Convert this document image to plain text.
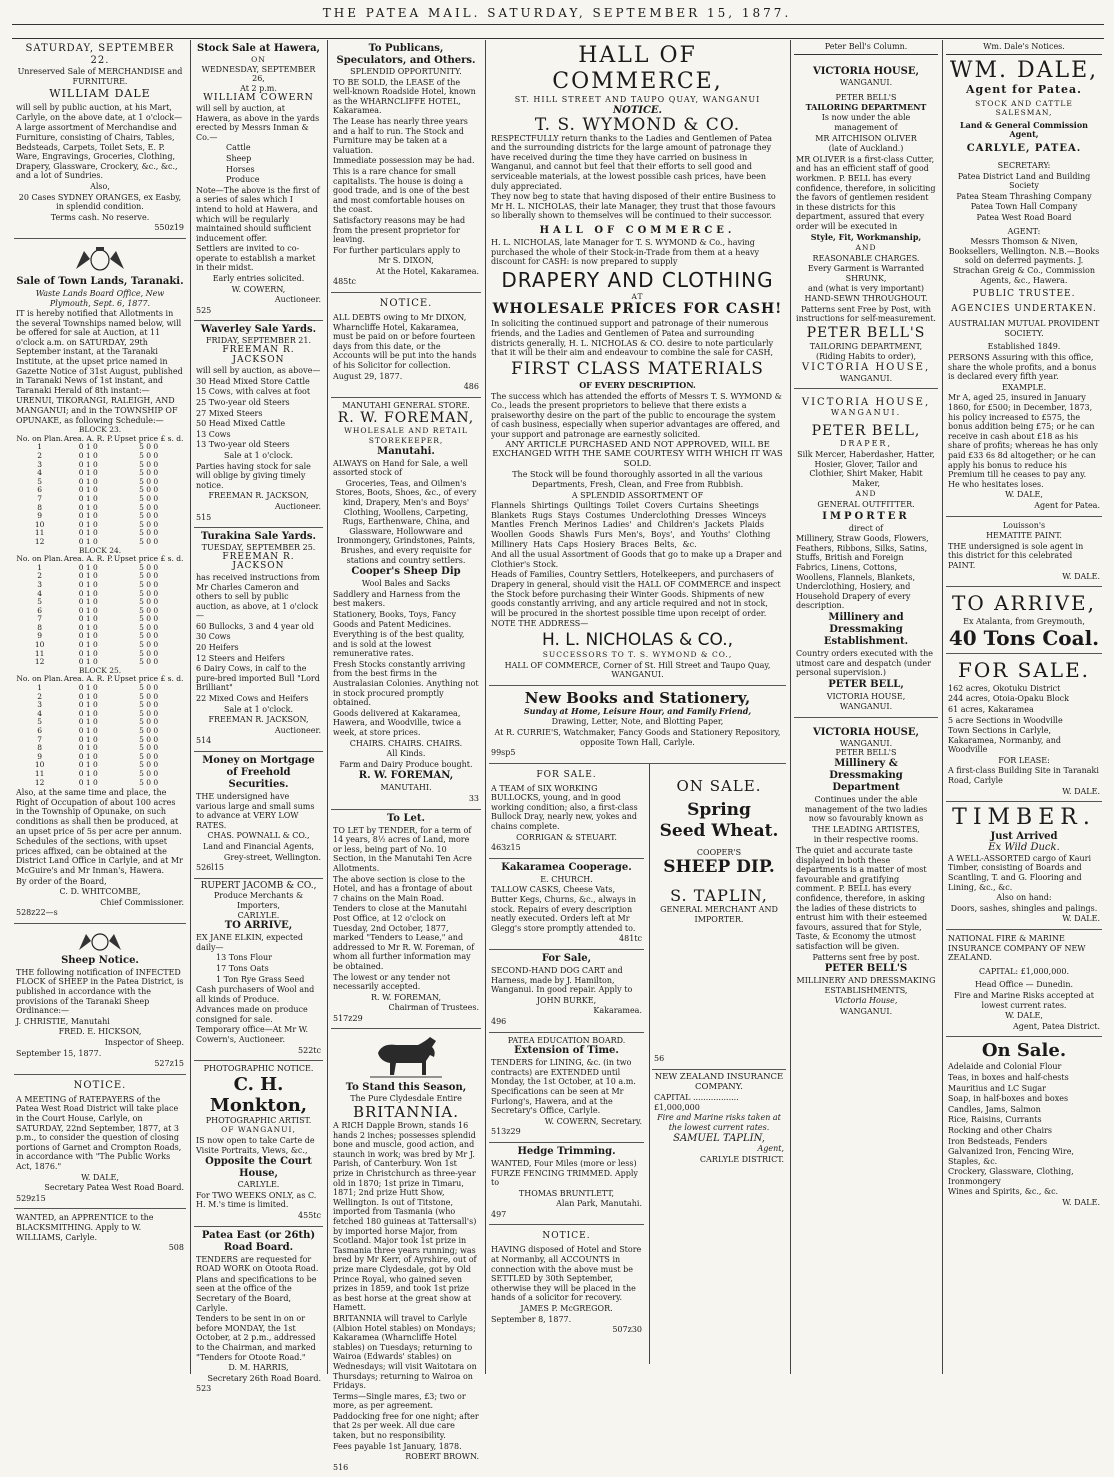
THE PATEA MAIL. SATURDAY, SEPTEMBER 15, 1877.
SATURDAY, SEPTEMBER 22.
Unreserved Sale of MERCHANDISE and FURNITURE.
WILLIAM DALE

will sell by public auction, at his Mart, Carlyle, on the above date, at 1 o'clock—

A large assortment of Merchandise and Furniture, consisting of Chairs, Tables, Bedsteads, Carpets, Toilet Sets, E. P. Ware, Engravings, Groceries, Clothing, Drapery, Glassware, Crockery, &c., &c., and a lot of Sundries.

Also,

20 Cases SYDNEY ORANGES, ex Easby, in splendid condition.

Terms cash. No reserve.

550z19

Sale of Town Lands, Taranaki.

Waste Lands Board Office, New Plymouth, Sept. 6, 1877.

IT is hereby notified that Allotments in the several Townships named below, will be offered for sale at Auction, at 11 o'clock a.m. on SATURDAY, 29th September instant, at the Taranaki Institute, at the upset price named in Gazette Notice of 31st August, published in Taranaki News of 1st instant, and Taranaki Herald of 8th instant:—

URENUI, TIKORANGI, RALEIGH, AND MANGANUI; and in the TOWNSHIP OF OPUNAKE, as following Schedule:—

BLOCK 23.		
No. on Plan.	Area. A. R. P.	Upset price £ s. d.
1	0 1 0	5 0 0
2	0 1 0	5 0 0
3	0 1 0	5 0 0
4	0 1 0	5 0 0
5	0 1 0	5 0 0
6	0 1 0	5 0 0
7	0 1 0	5 0 0
8	0 1 0	5 0 0
9	0 1 0	5 0 0
10	0 1 0	5 0 0
11	0 1 0	5 0 0
12	0 1 0	5 0 0
BLOCK 24.		
No. on Plan.	Area. A. R. P.	Upset price £ s. d.
1	0 1 0	5 0 0
2	0 1 0	5 0 0
3	0 1 0	5 0 0
4	0 1 0	5 0 0
5	0 1 0	5 0 0
6	0 1 0	5 0 0
7	0 1 0	5 0 0
8	0 1 0	5 0 0
9	0 1 0	5 0 0
10	0 1 0	5 0 0
11	0 1 0	5 0 0
12	0 1 0	5 0 0
BLOCK 25.		
No. on Plan.	Area. A. R. P.	Upset price £ s. d.
1	0 1 0	5 0 0
2	0 1 0	5 0 0
3	0 1 0	5 0 0
4	0 1 0	5 0 0
5	0 1 0	5 0 0
6	0 1 0	5 0 0
7	0 1 0	5 0 0
8	0 1 0	5 0 0
9	0 1 0	5 0 0
10	0 1 0	5 0 0
11	0 1 0	5 0 0
12	0 1 0	5 0 0

Also, at the same time and place, the Right of Occupation of about 100 acres in the Township of Opunake, on such conditions as shall then be produced, at an upset price of 5s per acre per annum.

Schedules of the sections, with upset prices affixed, can be obtained at the District Land Office in Carlyle, and at Mr McGuire's and Mr Inman's, Hawera.

By order of the Board,

C. D. WHITCOMBE,

Chief Commissioner.

528z22—s

Sheep Notice.

THE following notification of INFECTED FLOCK of SHEEP in the Patea District, is published in accordance with the provisions of the Taranaki Sheep Ordinance:—

J. CHRISTIE, Manutahi

FRED. E. HICKSON,

Inspector of Sheep.

September 15, 1877.

527z15

NOTICE.

A MEETING of RATEPAYERS of the Patea West Road District will take place in the Court House, Carlyle, on SATURDAY, 22nd September, 1877, at 3 p.m., to consider the question of closing portions of Garnet and Crompton Roads, in accordance with "The Public Works Act, 1876."

W. DALE,

Secretary Patea West Road Board.

529z15

WANTED, an APPRENTICE to the BLACKSMITHING. Apply to W. WILLIAMS, Carlyle.

508

Stock Sale at Hawera,
ON
WEDNESDAY, SEPTEMBER 26,
At 2 p.m.
WILLIAM COWERN

will sell by auction, at Hawera, as above in the yards erected by Messrs Inman & Co.—

Cattle

Sheep

Horses

Produce

Note—The above is the first of a series of sales which I intend to hold at Hawera, and which will be regularly maintained should sufficient inducement offer.

Settlers are invited to co-operate to establish a market in their midst.

Early entries solicited.

W. COWERN,

Auctioneer.

525

Waverley Sale Yards.
FRIDAY, SEPTEMBER 21.
FREEMAN R. JACKSON

will sell by auction, as above—

30 Head Mixed Store Cattle

15 Cows, with calves at foot

25 Two-year old Steers

27 Mixed Steers

50 Head Mixed Cattle

13 Cows

13 Two-year old Steers

Sale at 1 o'clock.

Parties having stock for sale will oblige by giving timely notice.

FREEMAN R. JACKSON,

Auctioneer.

515

Turakina Sale Yards.
TUESDAY, SEPTEMBER 25.
FREEMAN R. JACKSON

has received instructions from Mr Charles Cameron and others to sell by public auction, as above, at 1 o'clock—

60 Bullocks, 3 and 4 year old

30 Cows

20 Heifers

12 Steers and Heifers

6 Dairy Cows, in calf to the pure-bred imported Bull "Lord Brilliant"

22 Mixed Cows and Heifers

Sale at 1 o'clock.

FREEMAN R. JACKSON,

Auctioneer.

514

Money on Mortgage of Freehold Securities.

THE undersigned have various large and small sums to advance at VERY LOW RATES.

CHAS. POWNALL & CO.,

Land and Financial Agents,

Grey-street, Wellington.

526l15

RUPERT JACOMB & CO.,
Produce Merchants & Importers,
CARLYLE.
TO ARRIVE,

EX JANE ELKIN, expected daily—

13 Tons Flour

17 Tons Oats

1 Ton Rye Grass Seed

Cash purchasers of Wool and all kinds of Produce.

Advances made on produce consigned for sale.

Temporary office—At Mr W. Cowern's, Auctioneer.

522tc

PHOTOGRAPHIC NOTICE.
C. H. Monkton,
PHOTOGRAPHIC ARTIST.
OF WANGANUI,

IS now open to take Carte de Visite Portraits, Views, &c.,

Opposite the Court House,
CARLYLE.

For TWO WEEKS ONLY, as C. H. M.'s time is limited.

455tc

Patea East (or 26th) Road Board.

TENDERS are requested for ROAD WORK on Otoota Road.

Plans and specifications to be seen at the office of the Secretary of the Board, Carlyle.

Tenders to be sent in on or before MONDAY, the 1st October, at 2 p.m., addressed to the Chairman, and marked "Tenders for Otoote Road."

D. M. HARRIS,

Secretary 26th Road Board.

523

To Publicans, Speculators, and Others.
SPLENDID OPPORTUNITY.

TO BE SOLD, the LEASE of the well-known Roadside Hotel, known as the WHARNCLIFFE HOTEL, Kakaramea.

The Lease has nearly three years and a half to run. The Stock and Furniture may be taken at a valuation.

Immediate possession may be had.

This is a rare chance for small capitalists. The house is doing a good trade, and is one of the best and most comfortable houses on the coast.

Satisfactory reasons may be had from the present proprietor for leaving.

For further particulars apply to

Mr S. DIXON,

At the Hotel, Kakaramea.

485tc

NOTICE.

ALL DEBTS owing to Mr DIXON, Wharncliffe Hotel, Kakaramea, must be paid on or before fourteen days from this date, or the Accounts will be put into the hands of his Solicitor for collection.

August 29, 1877.

486

MANUTAHI GENERAL STORE.
R. W. FOREMAN,
WHOLESALE AND RETAIL STOREKEEPER,
Manutahi.

ALWAYS on Hand for Sale, a well assorted stock of

Groceries, Teas, and Oilmen's Stores, Boots, Shoes, &c., of every kind, Drapery, Men's and Boys' Clothing, Woollens, Carpeting, Rugs, Earthenware, China, and Glassware, Hollowware and Ironmongery, Grindstones, Paints, Brushes, and every requisite for stations and country settlers.

Cooper's Sheep Dip

Wool Bales and Sacks

Saddlery and Harness from the best makers.

Stationery, Books, Toys, Fancy Goods and Patent Medicines.

Everything is of the best quality, and is sold at the lowest remunerative rates.

Fresh Stocks constantly arriving from the best firms in the Australasian Colonies. Anything not in stock procured promptly obtained.

Goods delivered at Kakaramea, Hawera, and Woodville, twice a week, at store prices.

CHAIRS. CHAIRS. CHAIRS.

All Kinds.

Farm and Dairy Produce bought.

R. W. FOREMAN,

MANUTAHI.

33

To Let.

TO LET by TENDER, for a term of 14 years, 8½ acres of Land, more or less, being part of No. 10 Section, in the Manutahi Ten Acre Allotments.

The above section is close to the Hotel, and has a frontage of about 7 chains on the Main Road.

Tenders to close at the Manutahi Post Office, at 12 o'clock on Tuesday, 2nd October, 1877, marked "Tenders to Lease," and addressed to Mr R. W. Foreman, of whom all further information may be obtained.

The lowest or any tender not necessarily accepted.

R. W. FOREMAN,

Chairman of Trustees.

517z29

To Stand this Season,
The Pure Clydesdale Entire
BRITANNIA.

A RICH Dapple Brown, stands 16 hands 2 inches; possesses splendid bone and muscle, good action, and staunch in work; was bred by Mr J. Parish, of Canterbury. Won 1st prize in Christchurch as three-year old in 1870; 1st prize in Timaru, 1871; 2nd prize Hutt Show, Wellington. Is out of Titstone, imported from Tasmania (who fetched 180 guineas at Tattersall's) by imported horse Major, from Scotland. Major took 1st prize in Tasmania three years running; was bred by Mr Kerr, of Ayrshire, out of prize mare Clydesdale, got by Old Prince Royal, who gained seven prizes in 1859, and took 1st prize as best horse at the great show at Hamett.

BRITANNIA will travel to Carlyle (Albion Hotel stables) on Mondays; Kakaramea (Wharncliffe Hotel stables) on Tuesdays; returning to Wairoa (Edwards' stables) on Wednesdays; will visit Waitotara on Thursdays; returning to Wairoa on Fridays.

Terms—Single mares, £3; two or more, as per agreement.

Paddocking free for one night; after that 2s per week. All due care taken, but no responsibility.

Fees payable 1st January, 1878.

ROBERT BROWN.

516

HALL OF COMMERCE,
ST. HILL STREET AND TAUPO QUAY, WANGANUI
NOTICE.
T. S. WYMOND & CO.

RESPECTFULLY return thanks to the Ladies and Gentlemen of Patea and the surrounding districts for the large amount of patronage they have received during the time they have carried on business in Wanganui, and cannot but feel that their efforts to sell good and serviceable materials, at the lowest possible cash prices, have been duly appreciated.

They now beg to state that having disposed of their entire Business to Mr H. L. NICHOLAS, their late Manager, they trust that those favours so liberally shown to themselves will be continued to their successor.

HALL OF COMMERCE.

H. L. NICHOLAS, late Manager for T. S. WYMOND & Co., having purchased the whole of their Stock-in-Trade from them at a heavy discount for CASH: is now prepared to supply

DRAPERY AND CLOTHING
AT
WHOLESALE PRICES FOR CASH!

In soliciting the continued support and patronage of their numerous friends, and the Ladies and Gentlemen of Patea and surrounding districts generally, H. L. NICHOLAS & CO. desire to note particularly that it will be their aim and endeavour to combine the sale for CASH,

FIRST CLASS MATERIALS
OF EVERY DESCRIPTION.

The success which has attended the efforts of Messrs T. S. WYMOND & Co., leads the present proprietors to believe that there exists a praiseworthy desire on the part of the public to encourage the system of cash business, especially when superior advantages are offered, and your support and patronage are earnestly solicited.

ANY ARTICLE PURCHASED AND NOT APPROVED, WILL BE EXCHANGED WITH THE SAME COURTESY WITH WHICH IT WAS SOLD.

The Stock will be found thoroughly assorted in all the various Departments, Fresh, Clean, and Free from Rubbish.

A SPLENDID ASSORTMENT OF

Flannels Shirtings Quiltings Toilet Covers Curtains Sheetings Blankets Rugs Stays Costumes Underclothing Dresses Winceys Mantles French Merinos Ladies' and Children's Jackets Plaids Woollen Goods Shawls Furs Men's, Boys', and Youths' Clothing Millinery Hats Caps Hosiery Braces Belts, &c.

And all the usual Assortment of Goods that go to make up a Draper and Clothier's Stock.

Heads of Families, Country Settlers, Hotelkeepers, and purchasers of Drapery in general, should visit the HALL OF COMMERCE and inspect the Stock before purchasing their Winter Goods. Shipments of new goods constantly arriving, and any article required and not in stock, will be procured in the shortest possible time upon receipt of order.

NOTE THE ADDRESS—

H. L. NICHOLAS & CO.,
SUCCESSORS TO T. S. WYMOND & CO.,

HALL OF COMMERCE, Corner of St. Hill Street and Taupo Quay, WANGANUI.

New Books and Stationery,
Sunday at Home, Leisure Hour, and Family Friend,

Drawing, Letter, Note, and Blotting Paper,

At R. CURRIE'S, Watchmaker, Fancy Goods and Stationery Repository, opposite Town Hall, Carlyle.

99sp5

FOR SALE.

A TEAM of SIX WORKING BULLOCKS, young, and in good working condition; also, a first-class Bullock Dray, nearly new, yokes and chains complete.

CORRIGAN & STEUART.

463z15

Kakaramea Cooperage.

E. CHURCH.

TALLOW CASKS, Cheese Vats, Butter Kegs, Churns, &c., always in stock. Repairs of every description neatly executed. Orders left at Mr Glegg's store promptly attended to.

481tc

For Sale,

SECOND-HAND DOG CART and Harness, made by J. Hamilton, Wanganui. In good repair. Apply to

JOHN BURKE,

Kakaramea.

496

PATEA EDUCATION BOARD.
Extension of Time.

TENDERS for LINING, &c. (in two contracts) are EXTENDED until Monday, the 1st October, at 10 a.m. Specifications can be seen at Mr Furlong's, Hawera, and at the Secretary's Office, Carlyle.

W. COWERN, Secretary.

513z29

Hedge Trimming.

WANTED, Four Miles (more or less) FURZE FENCING TRIMMED. Apply to

THOMAS BRUNTLETT,

Alan Park, Manutahi.

497

NOTICE.

HAVING disposed of Hotel and Store at Normanby, all ACCOUNTS in connection with the above must be SETTLED by 30th September, otherwise they will be placed in the hands of a solicitor for recovery.

JAMES P. McGREGOR.

September 8, 1877.

507z30

ON SALE.
Spring
Seed Wheat.
COOPER'S
SHEEP DIP.
S. TAPLIN,

GENERAL MERCHANT AND IMPORTER.

56

NEW ZEALAND INSURANCE COMPANY.

CAPITAL .................. £1,000,000

Fire and Marine risks taken at the lowest current rates.

SAMUEL TAPLIN,

Agent,

CARLYLE DISTRICT.

Peter Bell's Column.
VICTORIA HOUSE,
WANGANUI.
PETER BELL'S
TAILORING DEPARTMENT

Is now under the able management of

MR AITCHISON OLIVER

(late of Auckland.)

MR OLIVER is a first-class Cutter, and has an efficient staff of good workmen. P. BELL has every confidence, therefore, in soliciting the favors of gentlemen resident in these districts for this department, assured that every order will be executed in

Style, Fit, Workmanship,

AND

REASONABLE CHARGES.

Every Garment is Warranted SHRUNK,

and (what is very important) HAND-SEWN THROUGHOUT.

Patterns sent Free by Post, with instructions for self-measurement.

PETER BELL'S

TAILORING DEPARTMENT,

(Riding Habits to order),

VICTORIA HOUSE,

WANGANUI.

VICTORIA HOUSE,
WANGANUI.
PETER BELL,
DRAPER,

Silk Mercer, Haberdasher, Hatter, Hosier, Glover, Tailor and Clothier, Shirt Maker, Habit Maker,

AND

GENERAL OUTFITTER.

IMPORTER

direct of

Millinery, Straw Goods, Flowers, Feathers, Ribbons, Silks, Satins, Stuffs, British and Foreign Fabrics, Linens, Cottons, Woollens, Flannels, Blankets, Underclothing, Hosiery, and Household Drapery of every description.

Millinery and Dressmaking Establishment.

Country orders executed with the utmost care and despatch (under personal supervision.)

PETER BELL,

VICTORIA HOUSE,

WANGANUI.

VICTORIA HOUSE,
WANGANUI.
PETER BELL'S
Millinery & Dressmaking Department

Continues under the able management of the two ladies now so favourably known as

THE LEADING ARTISTES,

in their respective rooms.

The quiet and accurate taste displayed in both these departments is a matter of most favourable and gratifying comment. P. BELL has every confidence, therefore, in asking the ladies of these districts to entrust him with their esteemed favours, assured that for Style, Taste, & Economy the utmost satisfaction will be given.

Patterns sent free by post.

PETER BELL'S

MILLINERY AND DRESSMAKING ESTABLISHMENTS,

Victoria House,

WANGANUI.

Wm. Dale's Notices.
WM. DALE,
Agent for Patea.
STOCK AND CATTLE SALESMAN,
Land & General Commission Agent,
CARLYLE, PATEA.

SECRETARY:

Patea District Land and Building Society

Patea Steam Thrashing Company

Patea Town Hall Company

Patea West Road Board

AGENT:

Messrs Thomson & Niven, Booksellers, Wellington. N.B.—Books sold on deferred payments. J. Strachan Greig & Co., Commission Agents, &c., Hawera.

PUBLIC TRUSTEE.

AGENCIES UNDERTAKEN.

AUSTRALIAN MUTUAL PROVIDENT SOCIETY.

Established 1849.

PERSONS Assuring with this office, share the whole profits, and a bonus is declared every fifth year.

EXAMPLE.

Mr A, aged 25, insured in January 1860, for £500; in December, 1873, his policy increased to £575, the bonus addition being £75; or he can receive in cash about £18 as his share of profits; whereas he has only paid £33 6s 8d altogether; or he can apply his bonus to reduce his Premium till he ceases to pay any. He who hesitates loses.

W. DALE,

Agent for Patea.

Louisson's

HEMATITE PAINT.

THE undersigned is sole agent in this district for this celebrated PAINT.

W. DALE.

TO ARRIVE,

Ex Atalanta, from Greymouth,

40 Tons Coal.
FOR SALE.

162 acres, Okotuku District

244 acres, Otoia-Opaku Block

61 acres, Kakaramea

5 acre Sections in Woodville

Town Sections in Carlyle, Kakaramea, Normanby, and Woodville

FOR LEASE:

A first-class Building Site in Taranaki Road, Carlyle

W. DALE.

TIMBER.
Just Arrived
Ex Wild Duck.

A WELL-ASSORTED cargo of Kauri Timber, consisting of Boards and Scantling, T. and G. Flooring and Lining, &c., &c.

Also on hand:

Doors, sashes, shingles and palings.

W. DALE.

NATIONAL FIRE & MARINE INSURANCE COMPANY OF NEW ZEALAND.

CAPITAL: £1,000,000.

Head Office — Dunedin.

Fire and Marine Risks accepted at lowest current rates.

W. DALE,

Agent, Patea District.

On Sale.

Adelaide and Colonial Flour

Teas, in boxes and half-chests

Mauritius and LC Sugar

Soap, in half-boxes and boxes

Candles, Jams, Salmon

Rice, Raisins, Currants

Rocking and other Chairs

Iron Bedsteads, Fenders

Galvanized Iron, Fencing Wire, Staples, &c.

Crockery, Glassware, Clothing, Ironmongery

Wines and Spirits, &c., &c.

W. DALE.
